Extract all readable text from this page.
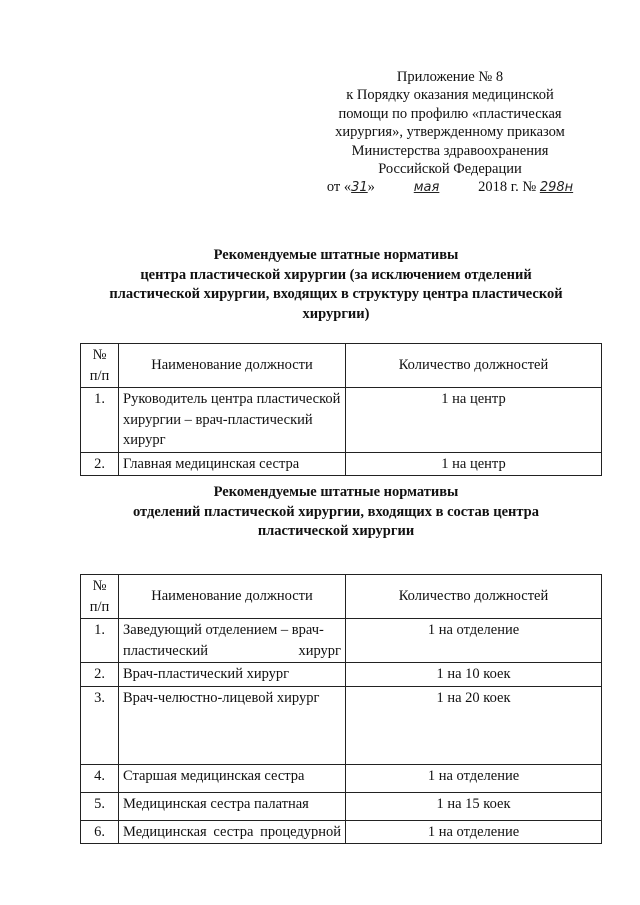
Приложение № 8
к Порядку оказания медицинской
помощи по профилю «пластическая
хирургия», утвержденному приказом
Министерства здравоохранения
Российской Федерации
от «31»	мая	2018 г. № 298н
Рекомендуемые штатные нормативы
центра пластической хирургии (за исключением отделений
пластической хирургии, входящих в структуру центра пластической
хирургии)
№ п/п	Наименование должности	Количество должностей
1.	Руководитель центра пластической хирургии – врач-пластический хирург	1 на центр
2.	Главная медицинская сестра	1 на центр
Рекомендуемые штатные нормативы
отделений пластической хирургии, входящих в состав центра
пластической хирургии
№ п/п	Наименование должности	Количество должностей
1.	Заведующий отделением – врач-пластический хирург	1 на отделение
2.	Врач-пластический хирург	1 на 10 коек
3.	Врач-челюстно-лицевой хирург	1 на 20 коек
4.	Старшая медицинская сестра	1 на отделение
5.	Медицинская сестра палатная	1 на 15 коек
6.	Медицинская сестра процедурной	1 на отделение
